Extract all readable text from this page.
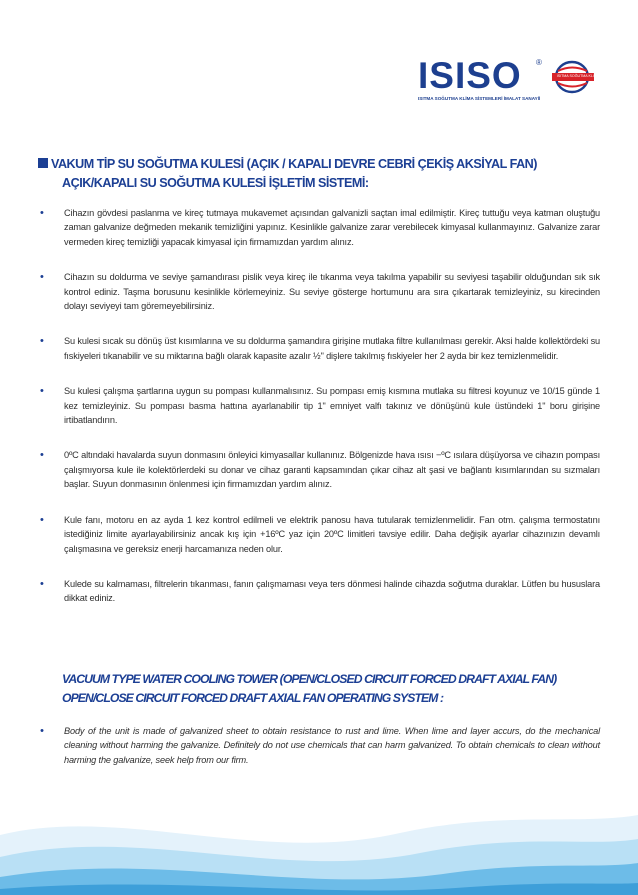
ISISO ®
İSITMA SOĞUTMA KLİMA
ISITMA SOĞUTMA KLİMA SİSTEMLERİ İMALAT SANAYİİ
VAKUM TİP SU SOĞUTMA KULESİ (AÇIK / KAPALI DEVRE CEBRİ ÇEKİŞ AKSİYAL FAN)
AÇIK/KAPALI SU SOĞUTMA KULESİ İŞLETİM SİSTEMİ:
• Cihazın gövdesi paslanma ve kireç tutmaya mukavemet açısından galvanizli saçtan imal edilmiştir. Kireç tuttuğu veya katman oluştuğu zaman galvanize değmeden mekanik temizliğini yapınız. Kesinlikle galvanize zarar verebilecek kimyasal kullanmayınız. Galvanize zarar vermeden kireç temizliği yapacak kimyasal için firmamızdan yardım alınız.
• Cihazın su doldurma ve seviye şamandırası pislik veya kireç ile tıkanma veya takılma yapabilir su seviyesi taşabilir olduğundan sık sık kontrol ediniz. Taşma borusunu kesinlikle körlemeyiniz. Su seviye gösterge hortumunu ara sıra çıkartarak temizleyiniz, su kirecinden dolayı seviyeyi tam göremeyebilirsiniz.
• Su kulesi sıcak su dönüş üst kısımlarına ve su doldurma şamandıra girişine mutlaka filtre kullanılması gerekir. Aksi halde kollektördeki su fıskiyeleri tıkanabilir ve su miktarına bağlı olarak kapasite azalır ½" dişlere takılmış fıskiyeler her 2 ayda bir kez temizlenmelidir.
• Su kulesi çalışma şartlarına uygun su pompası kullanmalısınız. Su pompası emiş kısmına mutlaka su filtresi koyunuz ve 10/15 günde 1 kez temizleyiniz. Su pompası basma hattına ayarlanabilir tip 1" emniyet valfı takınız ve dönüşünü kule üstündeki 1" boru girişine irtibatlandırın.
• 0ºC altındaki havalarda suyun donmasını önleyici kimyasallar kullanınız. Bölgenizde hava ısısı −ºC ısılara düşüyorsa ve cihazın pompası çalışmıyorsa kule ile kolektörlerdeki su donar ve cihaz garanti kapsamından çıkar cihaz alt şasi ve bağlantı kısımlarından su sızmaları başlar. Suyun donmasının önlenmesi için firmamızdan yardım alınız.
• Kule fanı, motoru en az ayda 1 kez kontrol edilmeli ve elektrik panosu hava tutularak temizlenmelidir. Fan otm. çalışma termostatını istediğiniz limite ayarlayabilirsiniz ancak kış için +16ºC yaz için 20ºC limitleri tavsiye edilir. Daha değişik ayarlar cihazınızın devamlı çalışmasına ve gereksiz enerji harcamanıza neden olur.
• Kulede su kalmaması, filtrelerin tıkanması, fanın çalışmaması veya ters dönmesi halinde cihazda soğutma duraklar. Lütfen bu hususlara dikkat ediniz.
VACUUM TYPE WATER COOLING TOWER (OPEN/CLOSED CIRCUIT FORCED DRAFT AXIAL FAN)
OPEN/CLOSE CIRCUIT FORCED DRAFT AXIAL FAN OPERATING SYSTEM :
• Body of the unit is made of galvanized sheet to obtain resistance to rust and lime. When lime and layer accurs, do the mechanical cleaning without harming the galvanize. Definitely do not use chemicals that can harm galvanized. To obtain chemicals to clean without harming the galvanize, seek help from our firm.
